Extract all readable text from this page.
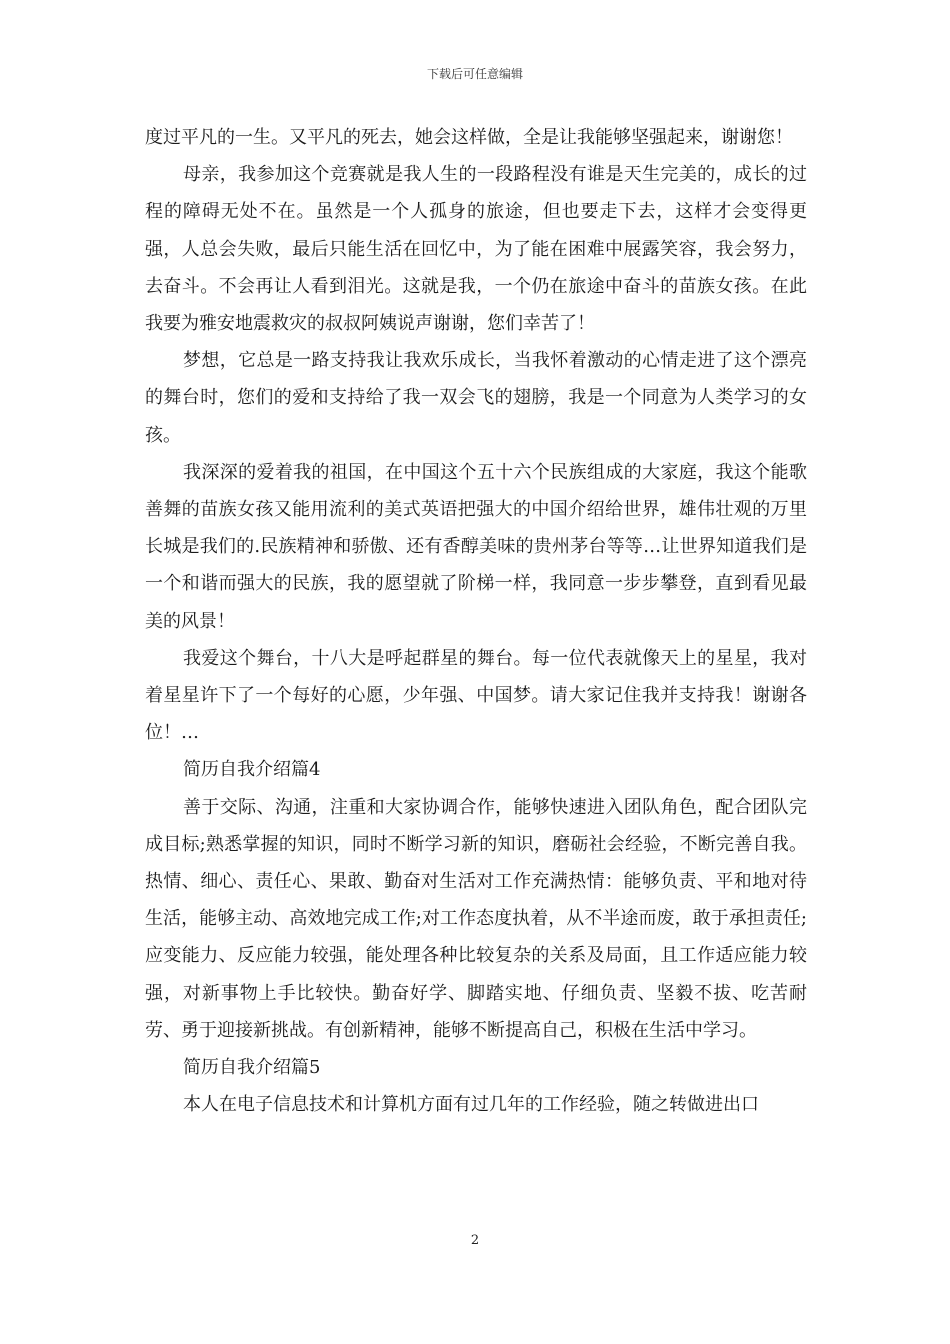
下载后可任意编辑

度过平凡的一生。又平凡的死去，她会这样做，全是让我能够坚强起来，谢谢您！

母亲，我参加这个竞赛就是我人生的一段路程没有谁是天生完美的，成长的过程的障碍无处不在。虽然是一个人孤身的旅途，但也要走下去，这样才会变得更强，人总会失败，最后只能生活在回忆中，为了能在困难中展露笑容，我会努力，去奋斗。不会再让人看到泪光。这就是我，一个仍在旅途中奋斗的苗族女孩。在此我要为雅安地震救灾的叔叔阿姨说声谢谢，您们幸苦了！

梦想，它总是一路支持我让我欢乐成长，当我怀着激动的心情走进了这个漂亮的舞台时，您们的爱和支持给了我一双会飞的翅膀，我是一个同意为人类学习的女孩。

我深深的爱着我的祖国，在中国这个五十六个民族组成的大家庭，我这个能歌善舞的苗族女孩又能用流利的美式英语把强大的中国介绍给世界，雄伟壮观的万里长城是我们的.民族精神和骄傲、还有香醇美味的贵州茅台等等…让世界知道我们是一个和谐而强大的民族，我的愿望就了阶梯一样，我同意一步步攀登，直到看见最美的风景！

我爱这个舞台，十八大是呼起群星的舞台。每一位代表就像天上的星星，我对着星星许下了一个每好的心愿，少年强、中国梦。请大家记住我并支持我！谢谢各位！…

简历自我介绍篇4

善于交际、沟通，注重和大家协调合作，能够快速进入团队角色，配合团队完成目标;熟悉掌握的知识，同时不断学习新的知识，磨砺社会经验，不断完善自我。热情、细心、责任心、果敢、勤奋对生活对工作充满热情：能够负责、平和地对待生活，能够主动、高效地完成工作;对工作态度执着，从不半途而废，敢于承担责任;应变能力、反应能力较强，能处理各种比较复杂的关系及局面，且工作适应能力较强，对新事物上手比较快。勤奋好学、脚踏实地、仔细负责、坚毅不拔、吃苦耐劳、勇于迎接新挑战。有创新精神，能够不断提高自己，积极在生活中学习。

简历自我介绍篇5

本人在电子信息技术和计算机方面有过几年的工作经验，随之转做进出口

2
